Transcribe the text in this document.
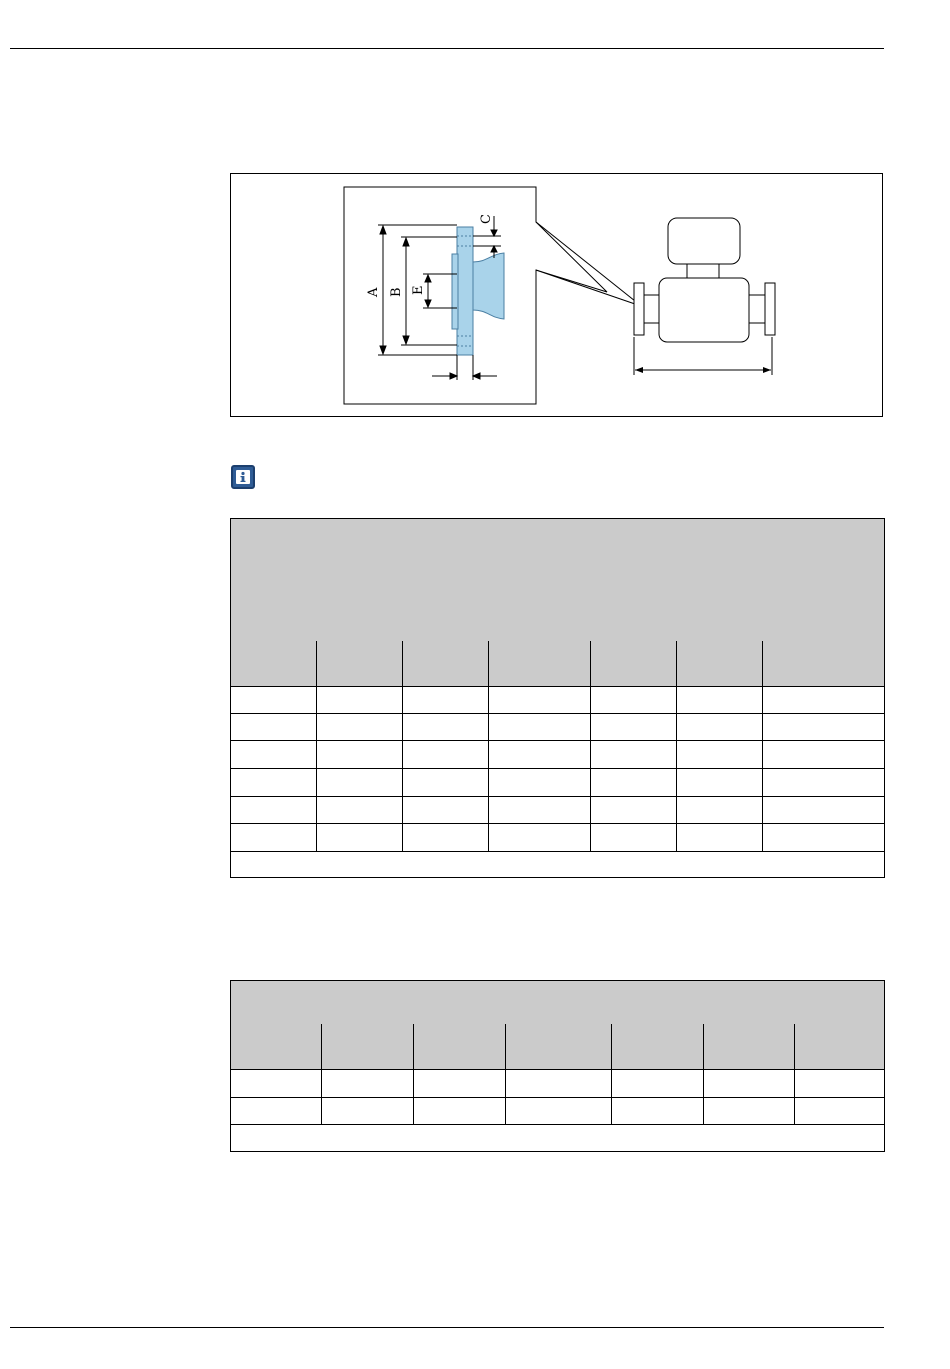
A B
C
E
